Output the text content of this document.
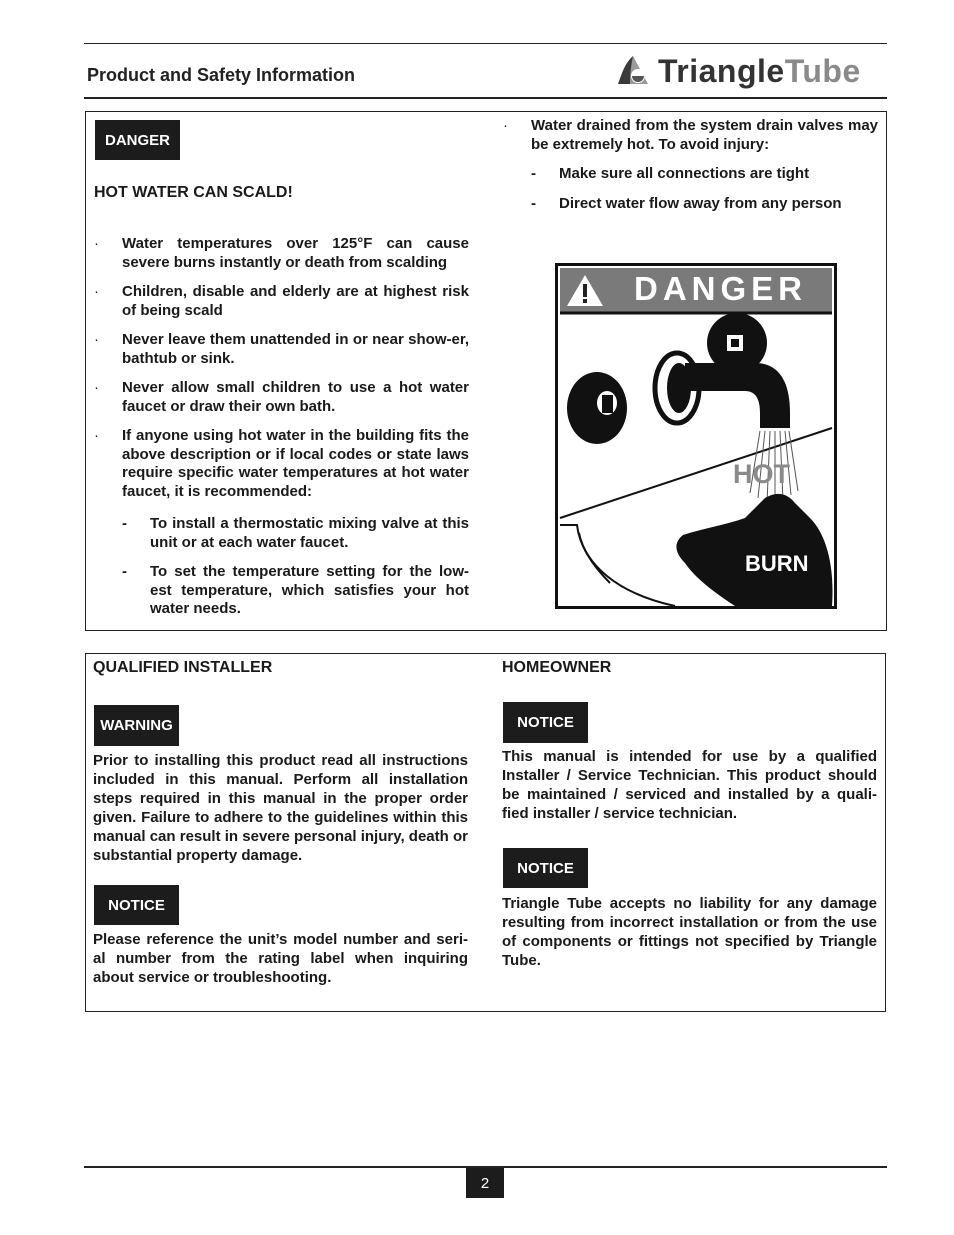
Product and Safety Information	TriangleTube
DANGER
HOT WATER CAN SCALD!
· Water temperatures over 125°F can cause severe burns instantly or death from scalding
· Children, disable and elderly are at highest risk of being scald
· Never leave them unattended in or near show-er, bathtub or sink.
· Never allow small children to use a hot water faucet or draw their own bath.
· If anyone using hot water in the building fits the above description or if local codes or state laws require specific water temperatures at hot water faucet, it is recommended:
- To install a thermostatic mixing valve at this unit or at each water faucet.
- To set the temperature setting for the low-est temperature, which satisfies your hot water needs.
· Water drained from the system drain valves may be extremely hot. To avoid injury:
- Make sure all connections are tight
- Direct water flow away from any person
DANGER
HOT
BURN
QUALIFIED INSTALLER
WARNING
Prior to installing this product read all instructions included in this manual. Perform all installation steps required in this manual in the proper order given. Failure to adhere to the guidelines within this manual can result in severe personal injury, death or substantial property damage.
NOTICE
Please reference the unit’s model number and seri-al number from the rating label when inquiring about service or troubleshooting.
HOMEOWNER
NOTICE
This manual is intended for use by a qualified Installer / Service Technician. This product should be maintained / serviced and installed by a quali-fied installer / service technician.
NOTICE
Triangle Tube accepts no liability for any damage resulting from incorrect installation or from the use of components or fittings not specified by Triangle Tube.
2
